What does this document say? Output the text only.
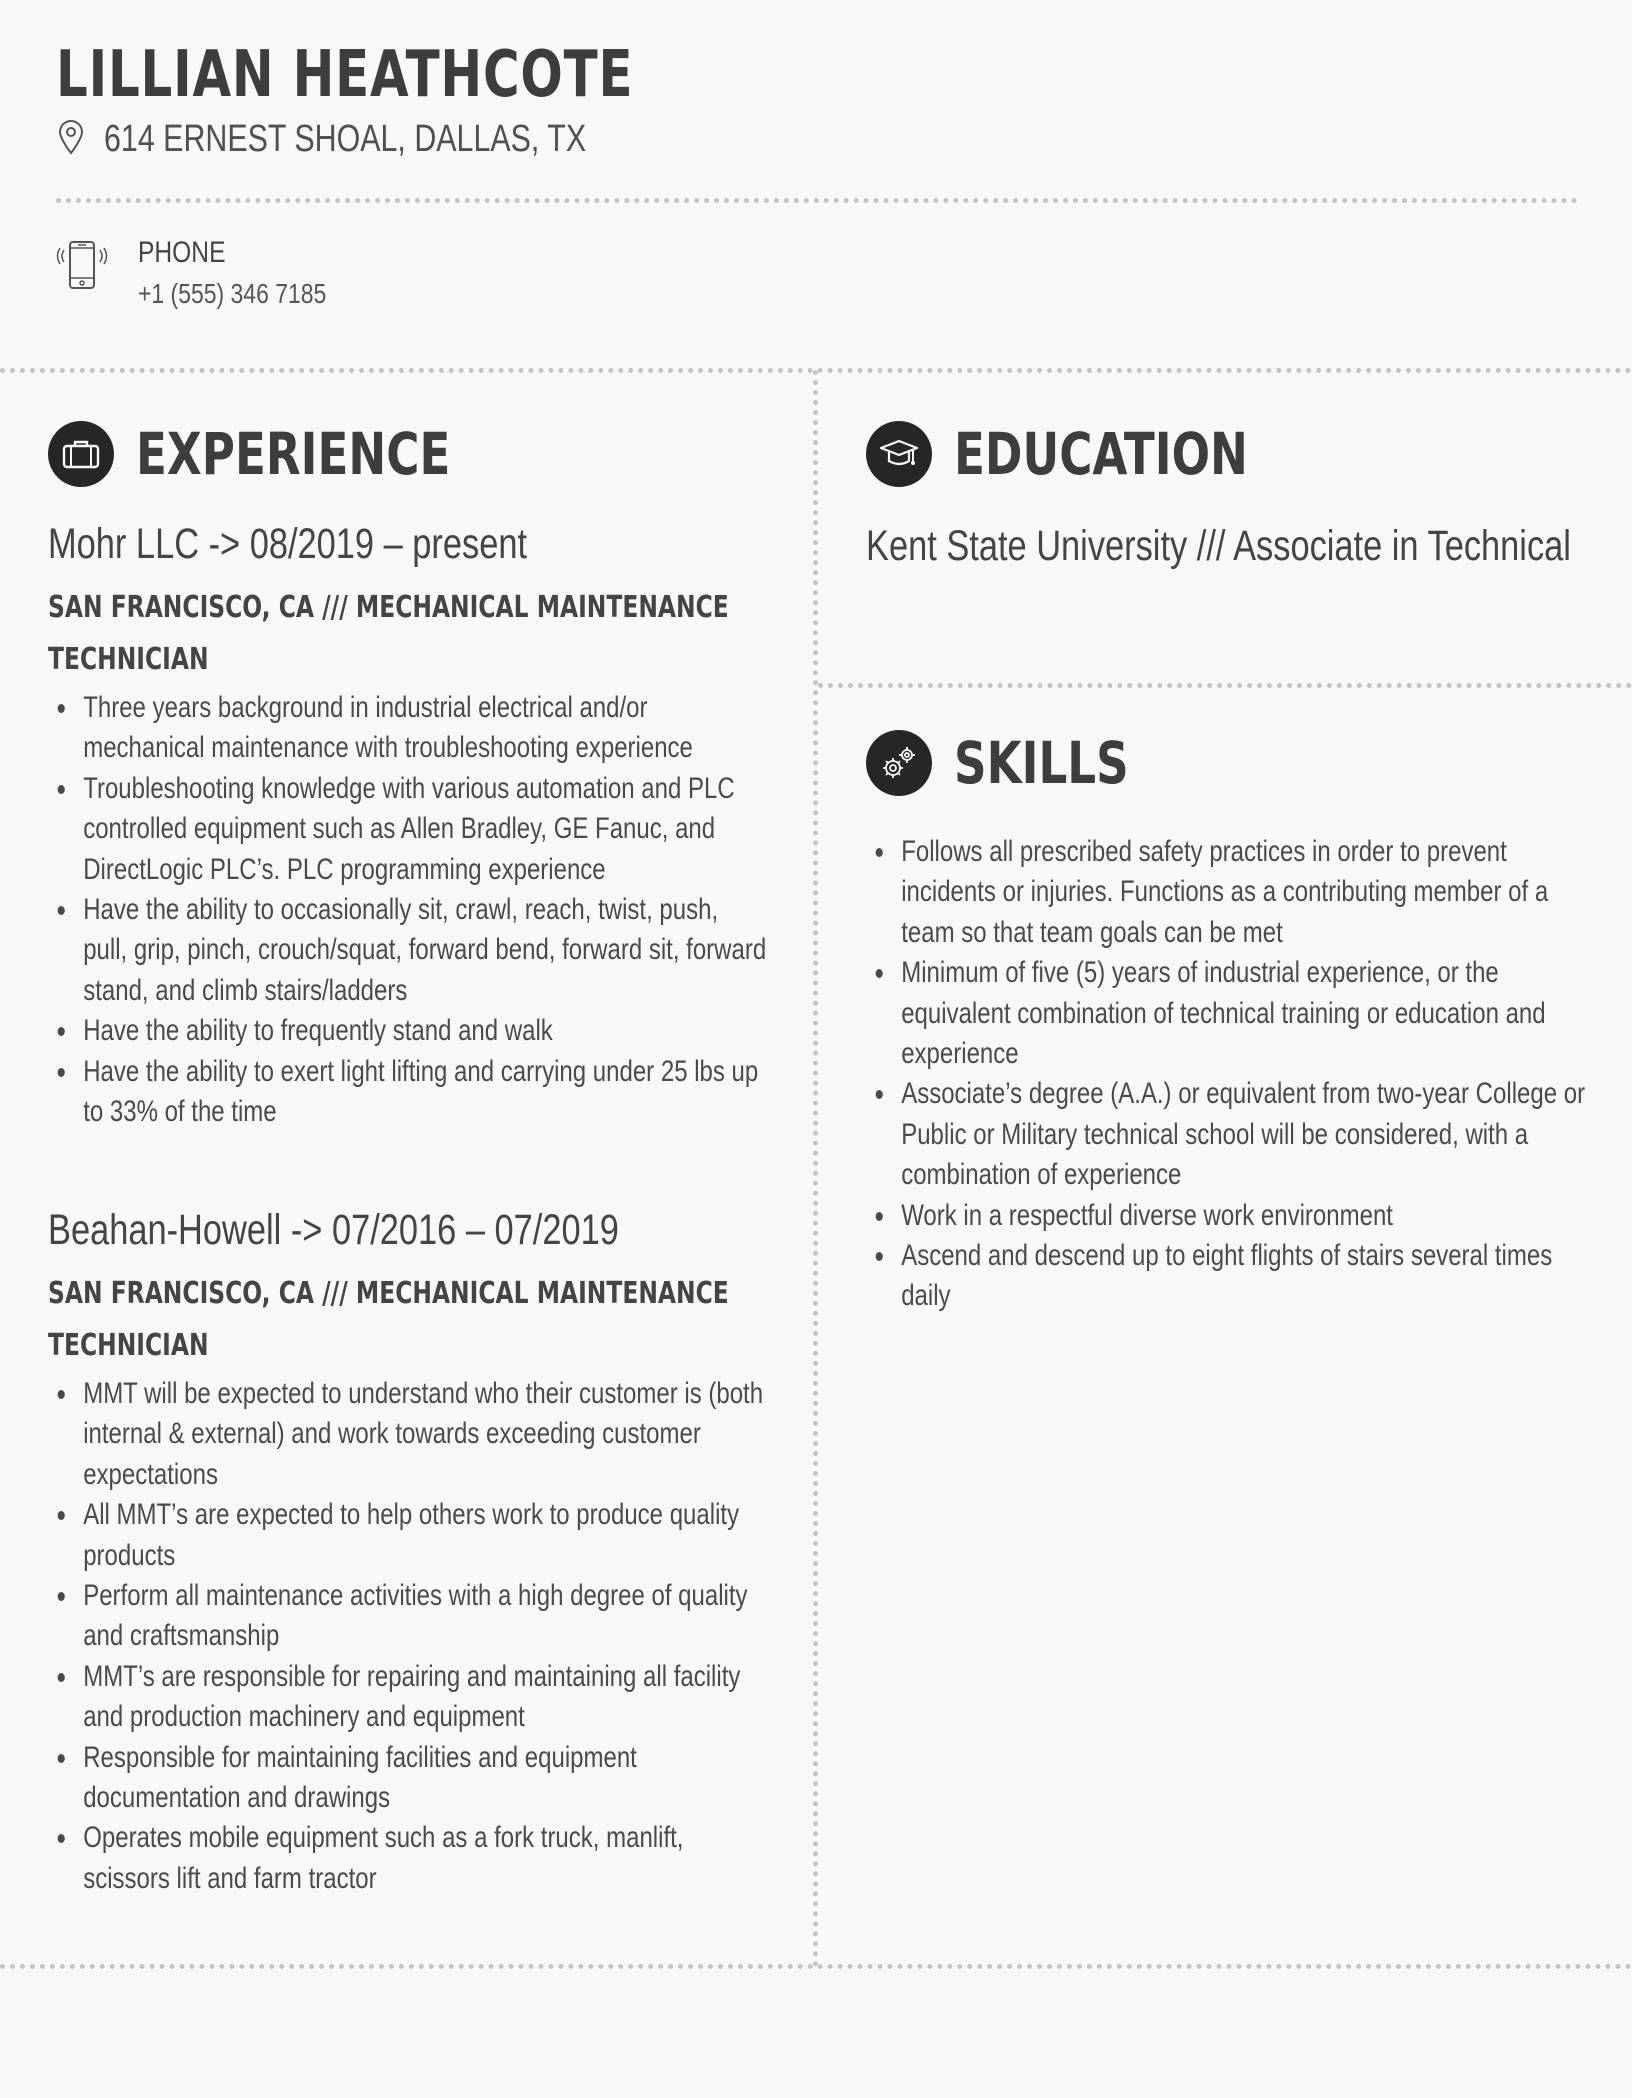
LILLIAN HEATHCOTE
614 ERNEST SHOAL, DALLAS, TX
PHONE
+1 (555) 346 7185
EXPERIENCE
Mohr LLC -> 08/2019 – present
SAN FRANCISCO, CA /// MECHANICAL MAINTENANCE TECHNICIAN
Three years background in industrial electrical and/or mechanical maintenance with troubleshooting experience
Troubleshooting knowledge with various automation and PLC controlled equipment such as Allen Bradley, GE Fanuc, and DirectLogic PLC’s. PLC programming experience
Have the ability to occasionally sit, crawl, reach, twist, push, pull, grip, pinch, crouch/squat, forward bend, forward sit, forward stand, and climb stairs/ladders
Have the ability to frequently stand and walk
Have the ability to exert light lifting and carrying under 25 lbs up to 33% of the time
Beahan-Howell -> 07/2016 – 07/2019
SAN FRANCISCO, CA /// MECHANICAL MAINTENANCE TECHNICIAN
MMT will be expected to understand who their customer is (both internal & external) and work towards exceeding customer expectations
All MMT’s are expected to help others work to produce quality products
Perform all maintenance activities with a high degree of quality and craftsmanship
MMT’s are responsible for repairing and maintaining all facility and production machinery and equipment
Responsible for maintaining facilities and equipment documentation and drawings
Operates mobile equipment such as a fork truck, manlift, scissors lift and farm tractor
EDUCATION
Kent State University /// Associate in Technical
SKILLS
Follows all prescribed safety practices in order to prevent incidents or injuries. Functions as a contributing member of a team so that team goals can be met
Minimum of five (5) years of industrial experience, or the equivalent combination of technical training or education and experience
Associate’s degree (A.A.) or equivalent from two-year College or Public or Military technical school will be considered, with a combination of experience
Work in a respectful diverse work environment
Ascend and descend up to eight flights of stairs several times daily
